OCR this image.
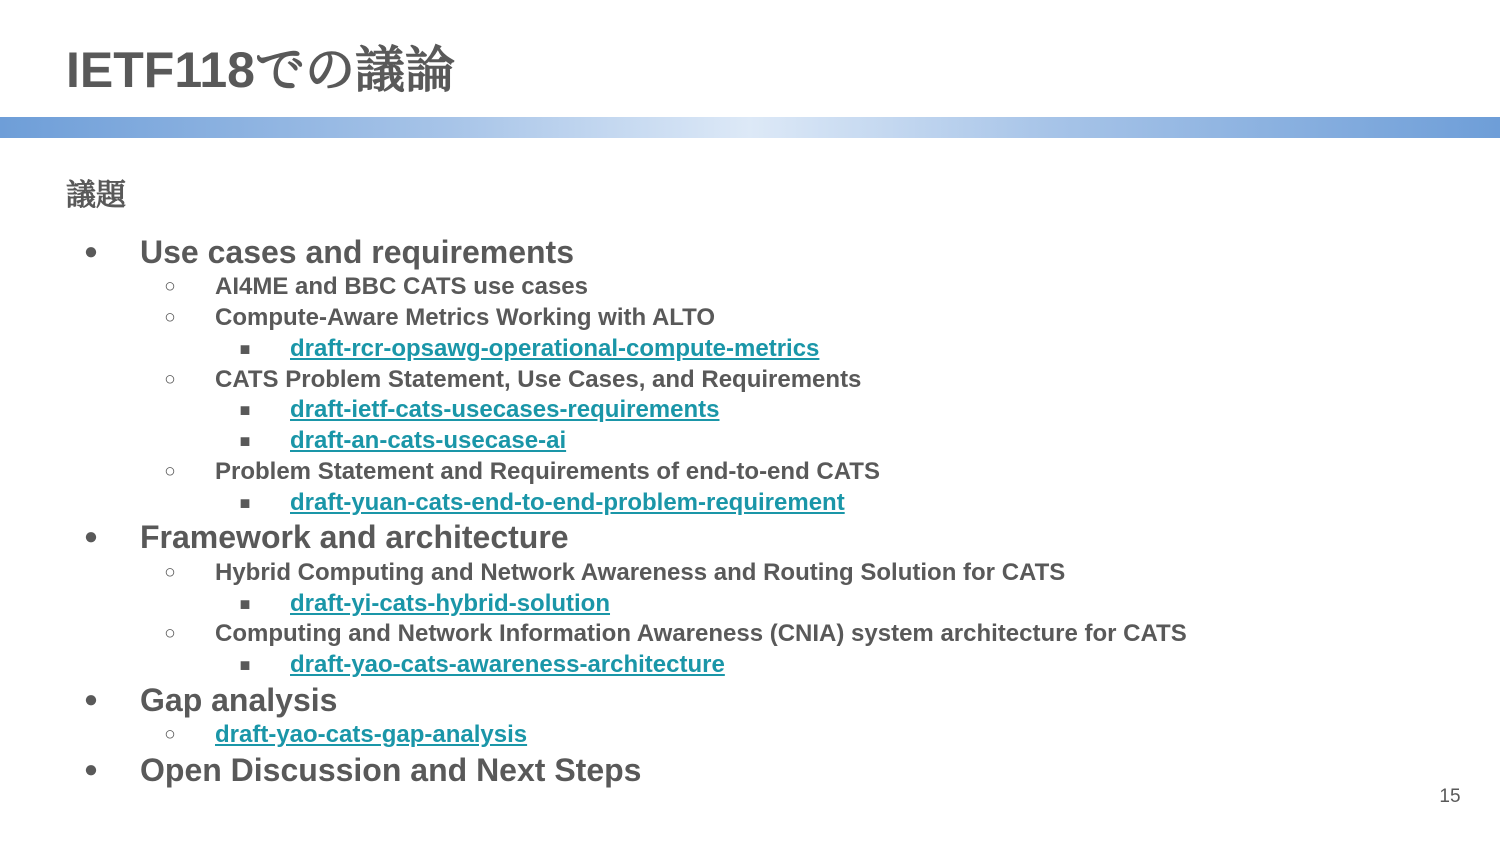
IETF118での議論
議題
● Use cases and requirements
○	AI4ME and BBC CATS use cases
○	Compute-Aware Metrics Working with ALTO
■	draft-rcr-opsawg-operational-compute-metrics
○	CATS Problem Statement, Use Cases, and Requirements
■	draft-ietf-cats-usecases-requirements
■	draft-an-cats-usecase-ai
○	Problem Statement and Requirements of end-to-end CATS
■	draft-yuan-cats-end-to-end-problem-requirement
● Framework and architecture
○	Hybrid Computing and Network Awareness and Routing Solution for CATS
■	draft-yi-cats-hybrid-solution
○	Computing and Network Information Awareness (CNIA) system architecture for CATS
■	draft-yao-cats-awareness-architecture
● Gap analysis
○	draft-yao-cats-gap-analysis
● Open Discussion and Next Steps
15
